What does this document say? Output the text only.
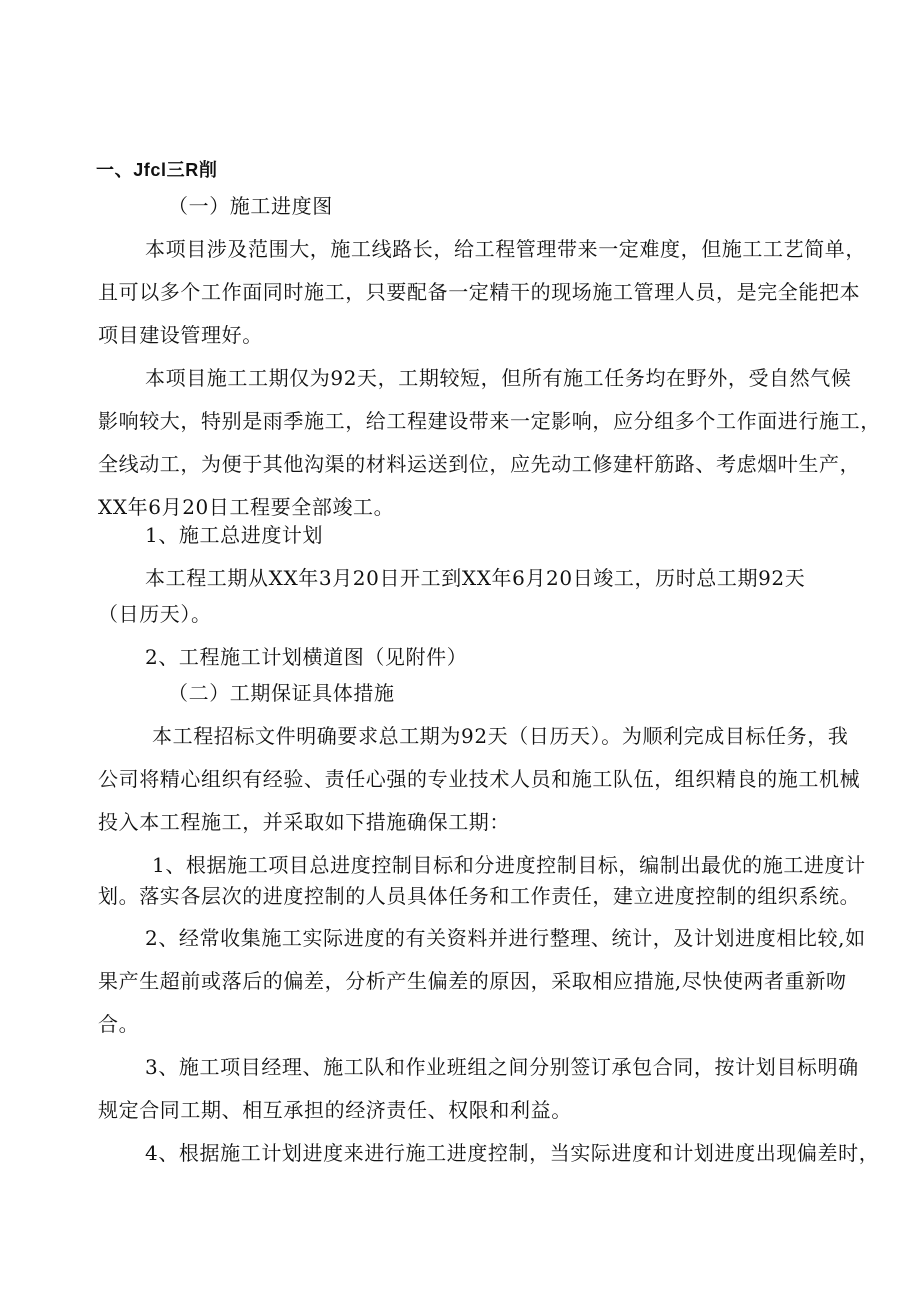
一、Jfcl三R削
（一）施工进度图
本项目涉及范围大，施工线路长，给工程管理带来一定难度，但施工工艺简单，
且可以多个工作面同时施工，只要配备一定精干的现场施工管理人员，是完全能把本
项目建设管理好。
本项目施工工期仅为92天，工期较短，但所有施工任务均在野外，受自然气候
影响较大，特别是雨季施工，给工程建设带来一定影响，应分组多个工作面进行施工，
全线动工，为便于其他沟渠的材料运送到位，应先动工修建杆筋路、考虑烟叶生产，
XX年6月20日工程要全部竣工。
1、施工总进度计划
本工程工期从XX年3月20日开工到XX年6月20日竣工，历时总工期92天
（日历天）。
2、工程施工计划横道图（见附件）
（二）工期保证具体措施
本工程招标文件明确要求总工期为92天（日历天）。为顺利完成目标任务，我
公司将精心组织有经验、责任心强的专业技术人员和施工队伍，组织精良的施工机械
投入本工程施工，并采取如下措施确保工期：
1、根据施工项目总进度控制目标和分进度控制目标，编制出最优的施工进度计
划。落实各层次的进度控制的人员具体任务和工作责任，建立进度控制的组织系统。
2、经常收集施工实际进度的有关资料并进行整理、统计，及计划进度相比较,如
果产生超前或落后的偏差，分析产生偏差的原因，采取相应措施,尽快使两者重新吻
合。
3、施工项目经理、施工队和作业班组之间分别签订承包合同，按计划目标明确
规定合同工期、相互承担的经济责任、权限和利益。
4、根据施工计划进度来进行施工进度控制，当实际进度和计划进度出现偏差时，
